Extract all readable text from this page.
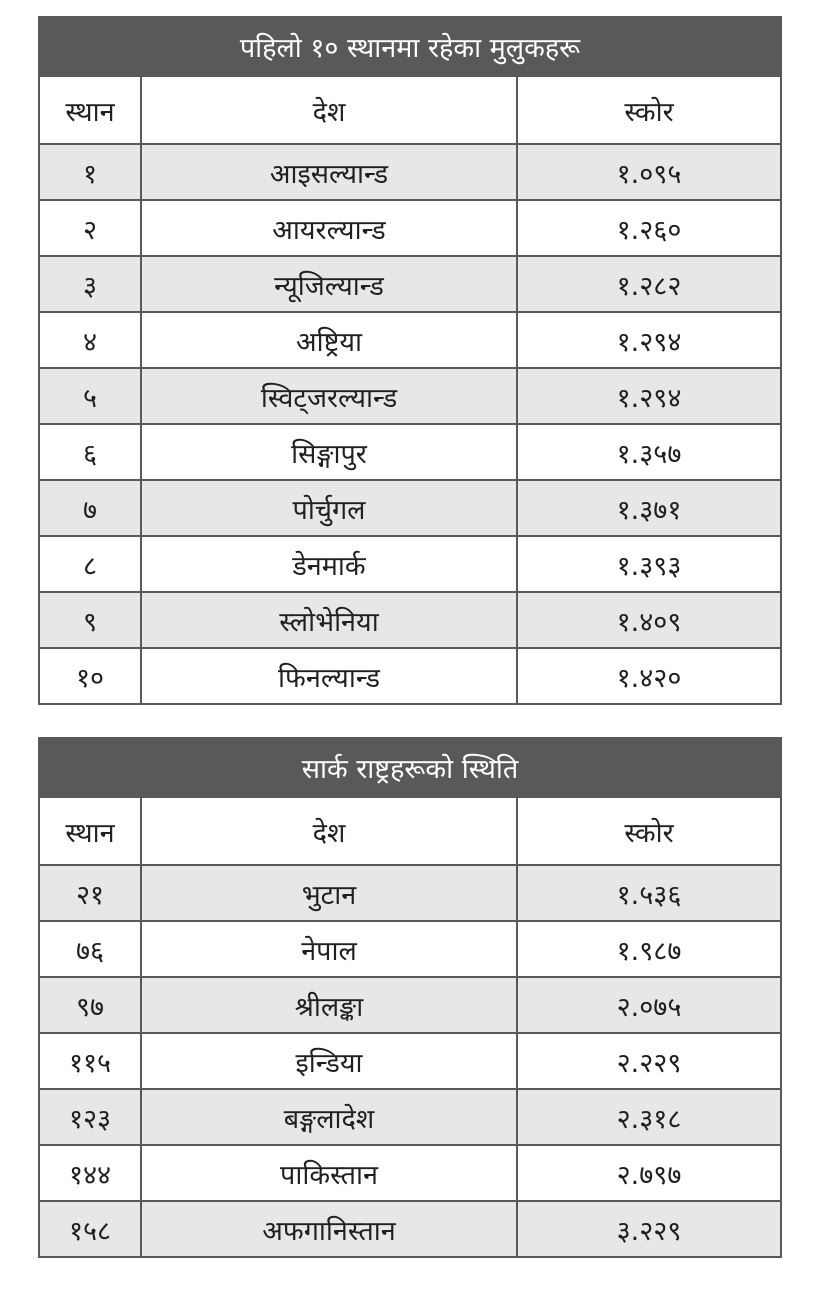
पहिलो १० स्थानमा रहेका मुलुकहरू		
स्थान	देश	स्कोर
१	आइसल्यान्ड	१.०९५
२	आयरल्यान्ड	१.२६०
३	न्यूजिल्यान्ड	१.२८२
४	अष्ट्रिया	१.२९४
५	स्विट्जरल्यान्ड	१.२९४
६	सिङ्गापुर	१.३५७
७	पोर्चुगल	१.३७१
८	डेनमार्क	१.३९३
९	स्लोभेनिया	१.४०९
१०	फिनल्यान्ड	१.४२०
सार्क राष्ट्रहरूको स्थिति		
स्थान	देश	स्कोर
२१	भुटान	१.५३६
७६	नेपाल	१.९८७
९७	श्रीलङ्का	२.०७५
११५	इन्डिया	२.२२९
१२३	बङ्गलादेश	२.३१८
१४४	पाकिस्तान	२.७९७
१५८	अफगानिस्तान	३.२२९
